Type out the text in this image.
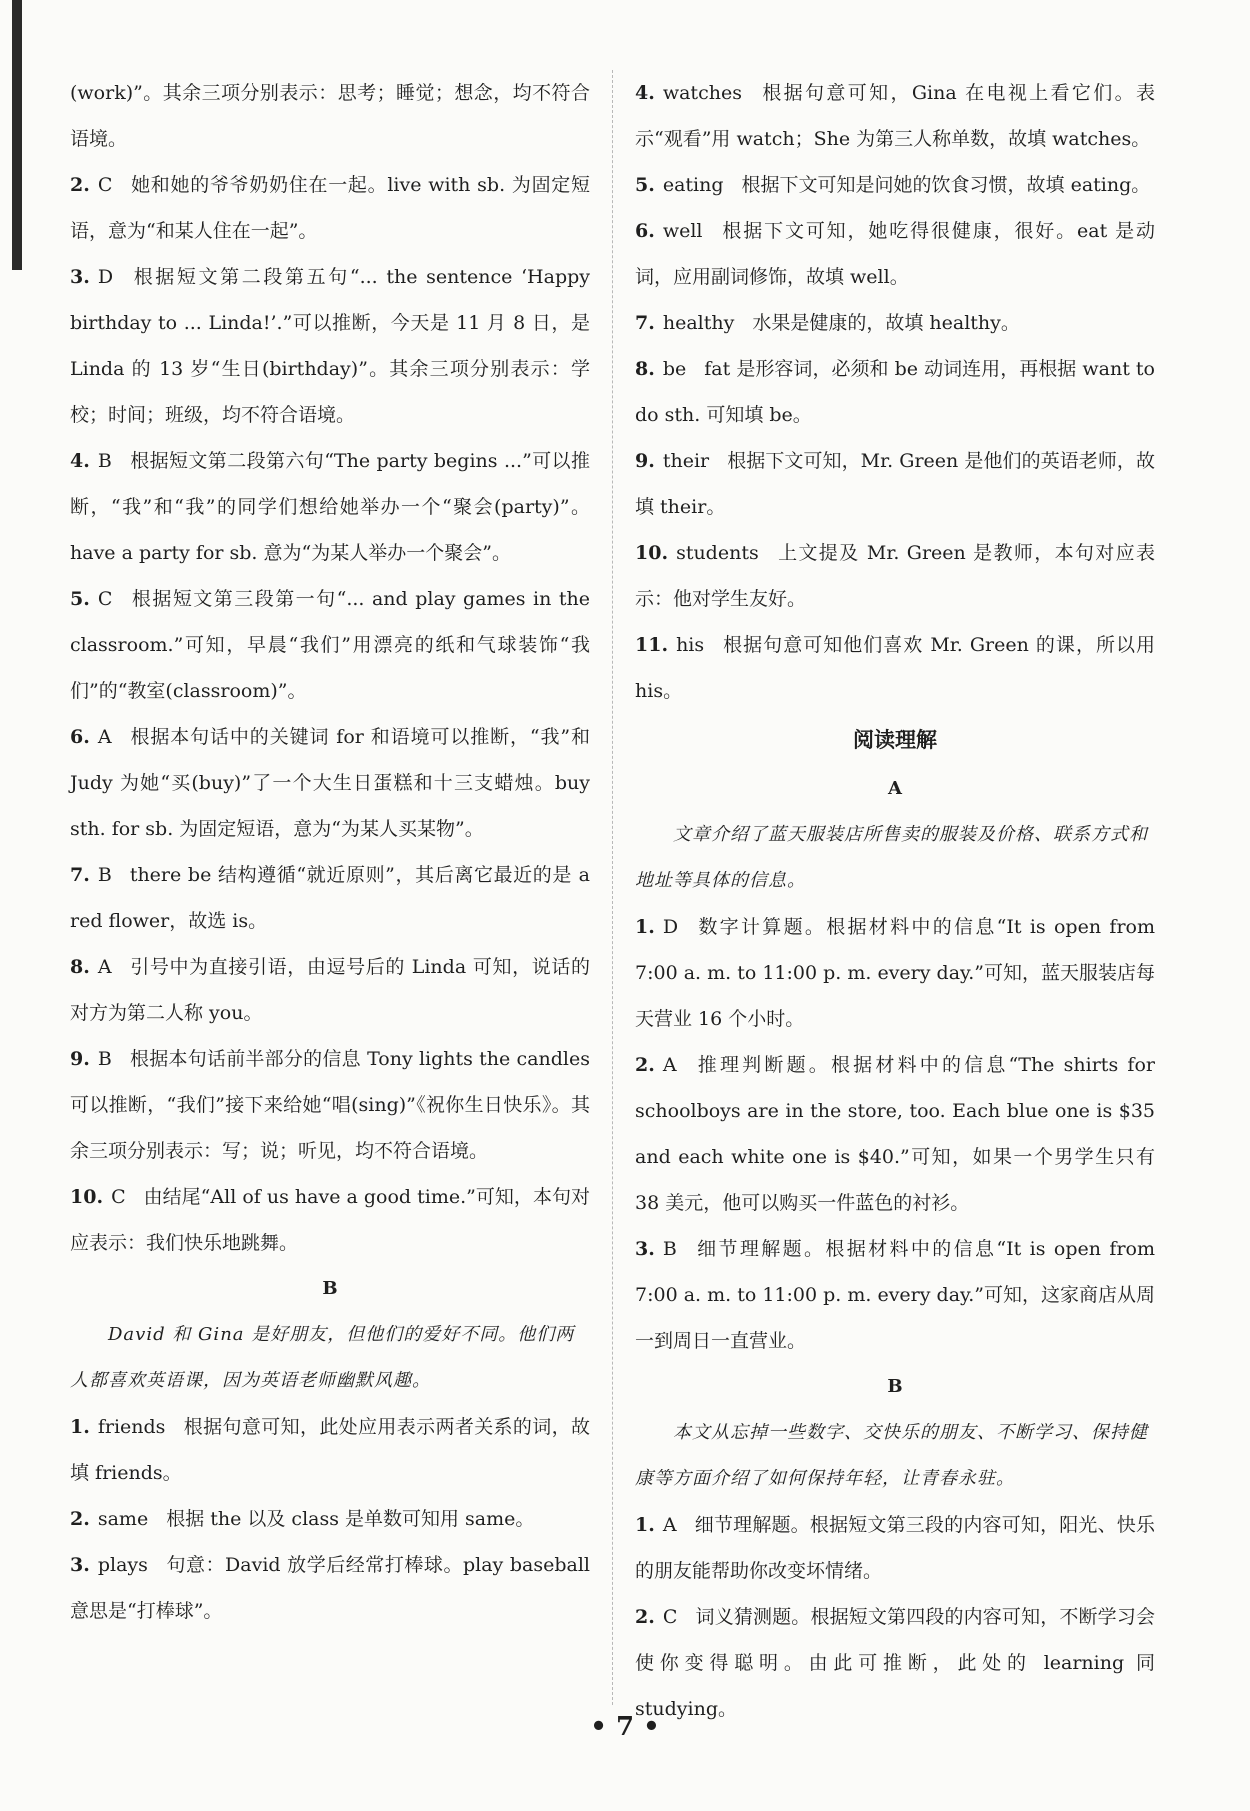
(work)”。其余三项分别表示：思考；睡觉；想念，均不符合语境。

2. C 她和她的爷爷奶奶住在一起。live with sb. 为固定短语，意为“和某人住在一起”。

3. D 根据短文第二段第五句“... the sentence ‘Happy birthday to ... Linda!’.”可以推断，今天是 11 月 8 日，是 Linda 的 13 岁“生日(birthday)”。其余三项分别表示：学校；时间；班级，均不符合语境。

4. B 根据短文第二段第六句“The party begins ...”可以推断，“我”和“我”的同学们想给她举办一个“聚会(party)”。have a party for sb. 意为“为某人举办一个聚会”。

5. C 根据短文第三段第一句“... and play games in the classroom.”可知，早晨“我们”用漂亮的纸和气球装饰“我们”的“教室(classroom)”。

6. A 根据本句话中的关键词 for 和语境可以推断，“我”和 Judy 为她“买(buy)”了一个大生日蛋糕和十三支蜡烛。buy sth. for sb. 为固定短语，意为“为某人买某物”。

7. B there be 结构遵循“就近原则”，其后离它最近的是 a red flower，故选 is。

8. A 引号中为直接引语，由逗号后的 Linda 可知，说话的对方为第二人称 you。

9. B 根据本句话前半部分的信息 Tony lights the candles 可以推断，“我们”接下来给她“唱(sing)”《祝你生日快乐》。其余三项分别表示：写；说；听见，均不符合语境。

10. C 由结尾“All of us have a good time.”可知，本句对应表示：我们快乐地跳舞。

B

David 和 Gina 是好朋友，但他们的爱好不同。他们两人都喜欢英语课，因为英语老师幽默风趣。

1. friends 根据句意可知，此处应用表示两者关系的词，故填 friends。

2. same 根据 the 以及 class 是单数可知用 same。

3. plays 句意：David 放学后经常打棒球。play baseball 意思是“打棒球”。

4. watches 根据句意可知，Gina 在电视上看它们。表示“观看”用 watch；She 为第三人称单数，故填 watches。

5. eating 根据下文可知是问她的饮食习惯，故填 eating。

6. well 根据下文可知，她吃得很健康，很好。eat 是动词，应用副词修饰，故填 well。

7. healthy 水果是健康的，故填 healthy。

8. be fat 是形容词，必须和 be 动词连用，再根据 want to do sth. 可知填 be。

9. their 根据下文可知，Mr. Green 是他们的英语老师，故填 their。

10. students 上文提及 Mr. Green 是教师，本句对应表示：他对学生友好。

11. his 根据句意可知他们喜欢 Mr. Green 的课，所以用 his。

阅读理解

A

文章介绍了蓝天服装店所售卖的服装及价格、联系方式和地址等具体的信息。

1. D 数字计算题。根据材料中的信息“It is open from 7:00 a. m. to 11:00 p. m. every day.”可知，蓝天服装店每天营业 16 个小时。

2. A 推理判断题。根据材料中的信息“The shirts for schoolboys are in the store, too. Each blue one is $35 and each white one is $40.”可知，如果一个男学生只有 38 美元，他可以购买一件蓝色的衬衫。

3. B 细节理解题。根据材料中的信息“It is open from 7:00 a. m. to 11:00 p. m. every day.”可知，这家商店从周一到周日一直营业。

B

本文从忘掉一些数字、交快乐的朋友、不断学习、保持健康等方面介绍了如何保持年轻，让青春永驻。

1. A 细节理解题。根据短文第三段的内容可知，阳光、快乐的朋友能帮助你改变坏情绪。

2. C 词义猜测题。根据短文第四段的内容可知，不断学习会使你变得聪明。由此可推断，此处的 learning 同 studying。

• 7 •
